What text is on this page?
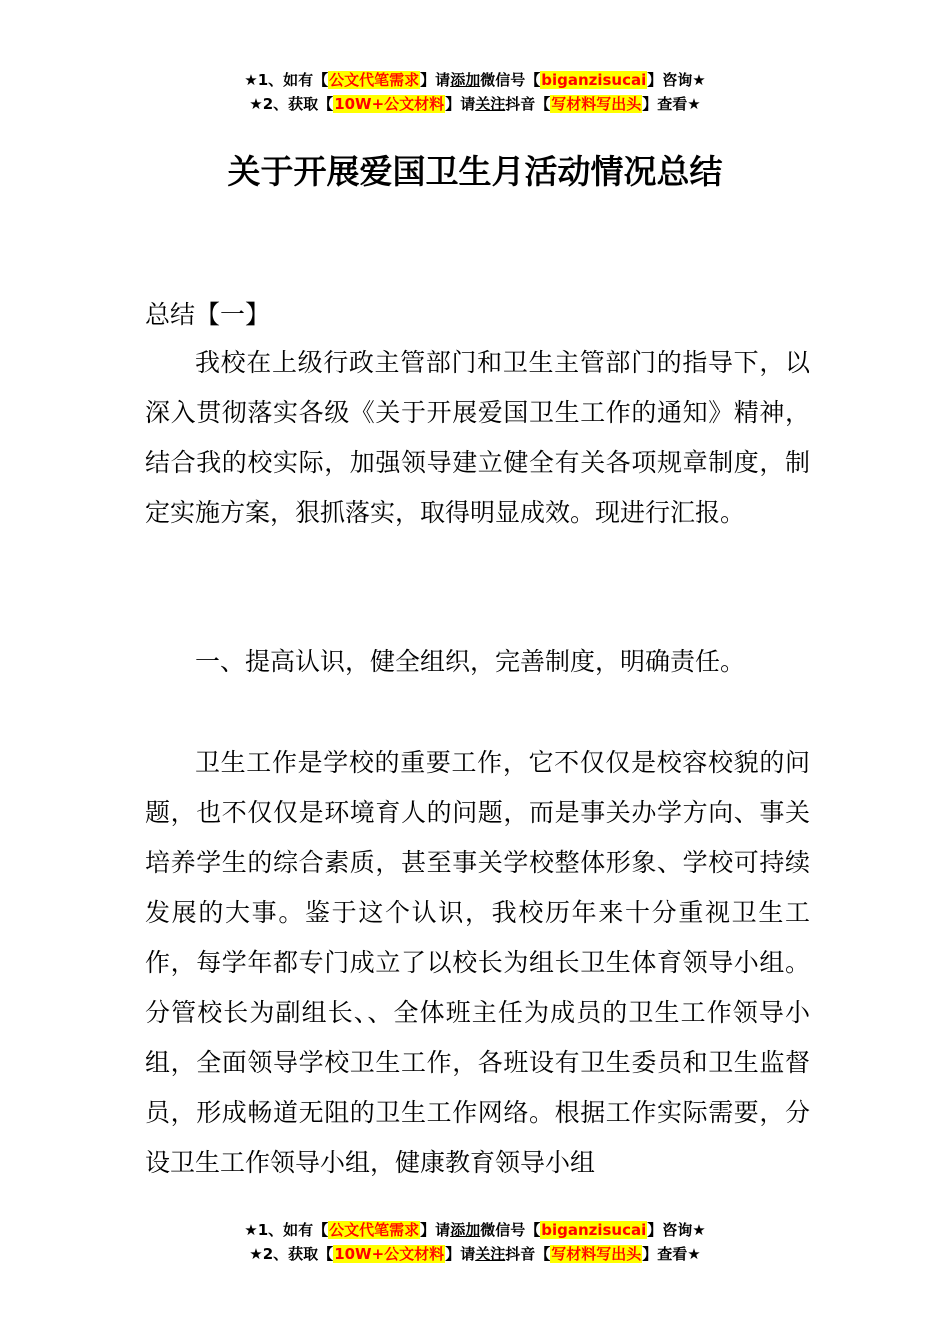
★1、如有【公文代笔需求】请添加微信号【biganzisucai】咨询★
★2、获取【10W+公文材料】请关注抖音【写材料写出头】查看★
关于开展爱国卫生月活动情况总结

总结【一】

我校在上级行政主管部门和卫生主管部门的指导下，以深入贯彻落实各级《关于开展爱国卫生工作的通知》精神，结合我的校实际，加强领导建立健全有关各项规章制度，制定实施方案，狠抓落实，取得明显成效。现进行汇报。

一、提高认识，健全组织，完善制度，明确责任。

卫生工作是学校的重要工作，它不仅仅是校容校貌的问题，也不仅仅是环境育人的问题，而是事关办学方向、事关培养学生的综合素质，甚至事关学校整体形象、学校可持续发展的大事。鉴于这个认识，我校历年来十分重视卫生工作，每学年都专门成立了以校长为组长卫生体育领导小组。分管校长为副组长、、全体班主任为成员的卫生工作领导小组，全面领导学校卫生工作，各班设有卫生委员和卫生监督员，形成畅道无阻的卫生工作网络。根据工作实际需要，分设卫生工作领导小组，健康教育领导小组

★1、如有【公文代笔需求】请添加微信号【biganzisucai】咨询★
★2、获取【10W+公文材料】请关注抖音【写材料写出头】查看★
